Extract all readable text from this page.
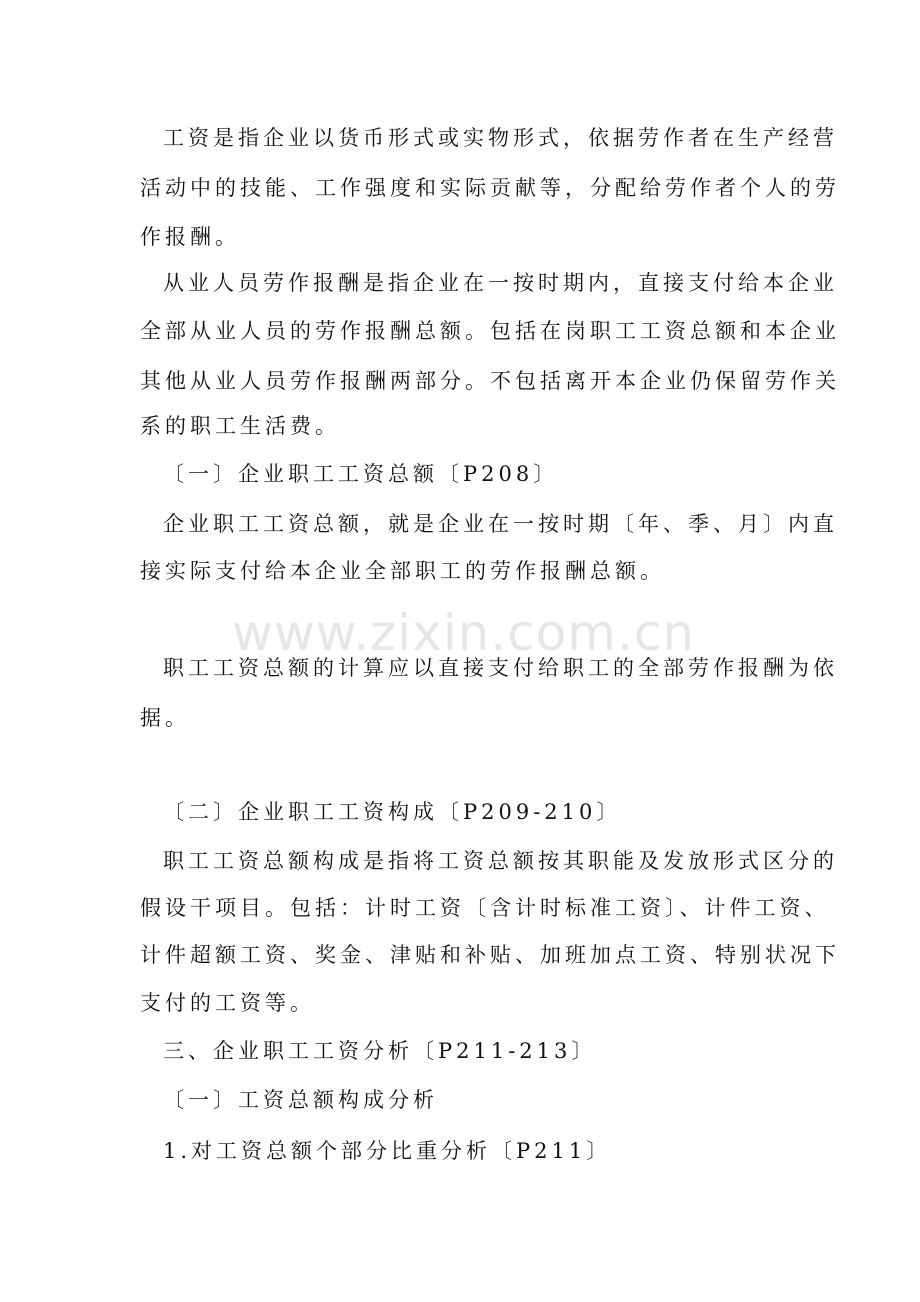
www.zixin.com.cn
工资是指企业以货币形式或实物形式，依据劳作者在生产经营
活动中的技能、工作强度和实际贡献等，分配给劳作者个人的劳
作报酬。
从业人员劳作报酬是指企业在一按时期内，直接支付给本企业
全部从业人员的劳作报酬总额。包括在岗职工工资总额和本企业
其他从业人员劳作报酬两部分。不包括离开本企业仍保留劳作关
系的职工生活费。
〔一〕企业职工工资总额〔P208〕
企业职工工资总额，就是企业在一按时期〔年、季、月〕内直
接实际支付给本企业全部职工的劳作报酬总额。
职工工资总额的计算应以直接支付给职工的全部劳作报酬为依
据。
〔二〕企业职工工资构成〔P209-210〕
职工工资总额构成是指将工资总额按其职能及发放形式区分的
假设干项目。包括：计时工资〔含计时标准工资〕、计件工资、
计件超额工资、奖金、津贴和补贴、加班加点工资、特别状况下
支付的工资等。
三、企业职工工资分析〔P211-213〕
〔一〕工资总额构成分析
1.对工资总额个部分比重分析〔P211〕
